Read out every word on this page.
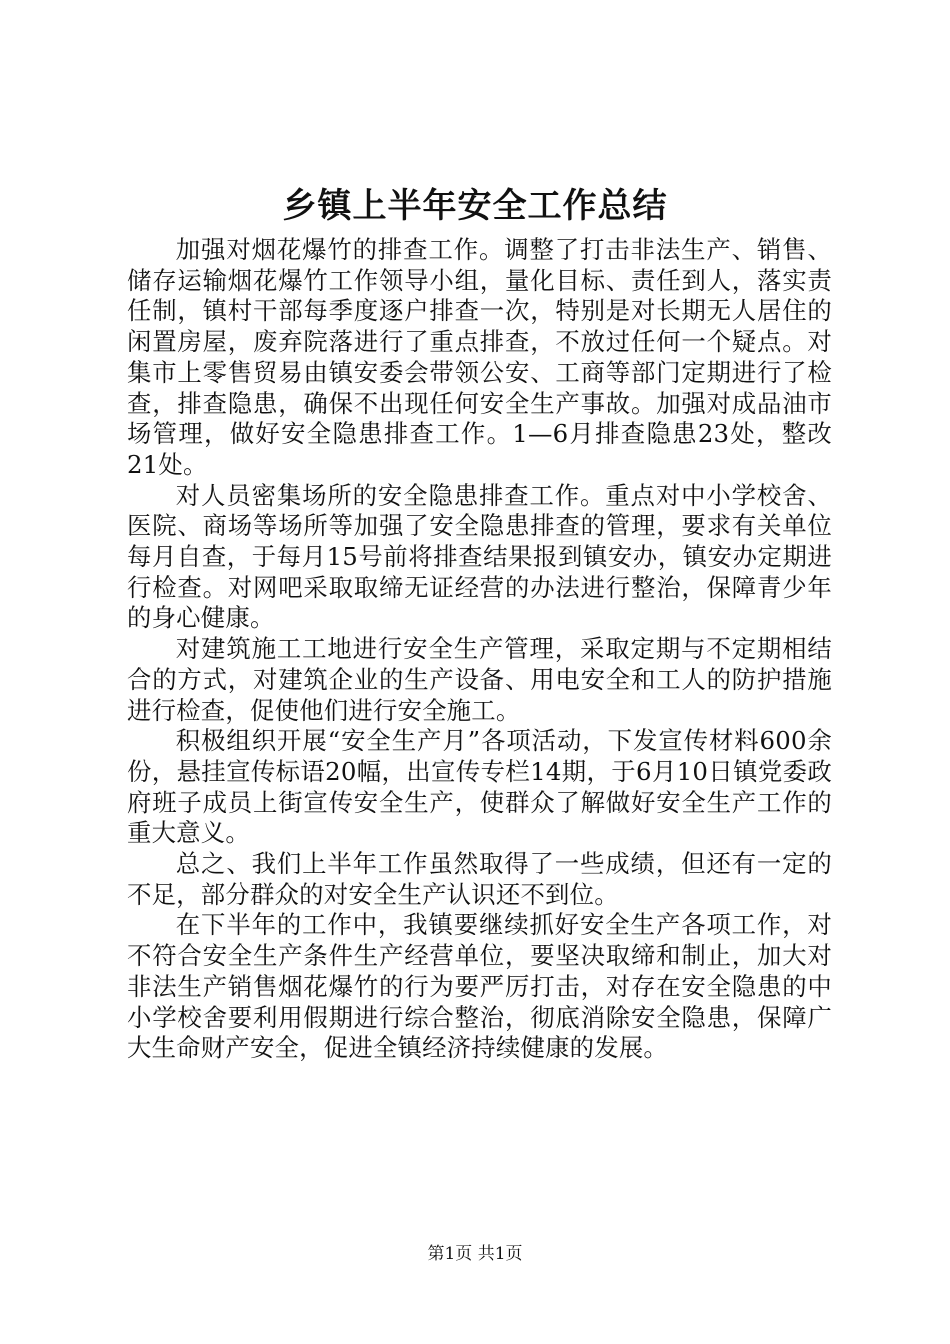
乡镇上半年安全工作总结

加强对烟花爆竹的排查工作。调整了打击非法生产、销售、储存运输烟花爆竹工作领导小组，量化目标、责任到人，落实责任制，镇村干部每季度逐户排查一次，特别是对长期无人居住的闲置房屋，废弃院落进行了重点排查，不放过任何一个疑点。对集市上零售贸易由镇安委会带领公安、工商等部门定期进行了检查，排查隐患，确保不出现任何安全生产事故。加强对成品油市场管理，做好安全隐患排查工作。1—6月排查隐患23处，整改21处。

对人员密集场所的安全隐患排查工作。重点对中小学校舍、医院、商场等场所等加强了安全隐患排查的管理，要求有关单位每月自查，于每月15号前将排查结果报到镇安办，镇安办定期进行检查。对网吧采取取缔无证经营的办法进行整治，保障青少年的身心健康。

对建筑施工工地进行安全生产管理，采取定期与不定期相结合的方式，对建筑企业的生产设备、用电安全和工人的防护措施进行检查，促使他们进行安全施工。

积极组织开展“安全生产月”各项活动，下发宣传材料600余份，悬挂宣传标语20幅，出宣传专栏14期，于6月10日镇党委政府班子成员上街宣传安全生产，使群众了解做好安全生产工作的重大意义。

总之、我们上半年工作虽然取得了一些成绩，但还有一定的不足，部分群众的对安全生产认识还不到位。

在下半年的工作中，我镇要继续抓好安全生产各项工作，对不符合安全生产条件生产经营单位，要坚决取缔和制止，加大对非法生产销售烟花爆竹的行为要严厉打击，对存在安全隐患的中小学校舍要利用假期进行综合整治，彻底消除安全隐患，保障广大生命财产安全，促进全镇经济持续健康的发展。

第1页 共1页
